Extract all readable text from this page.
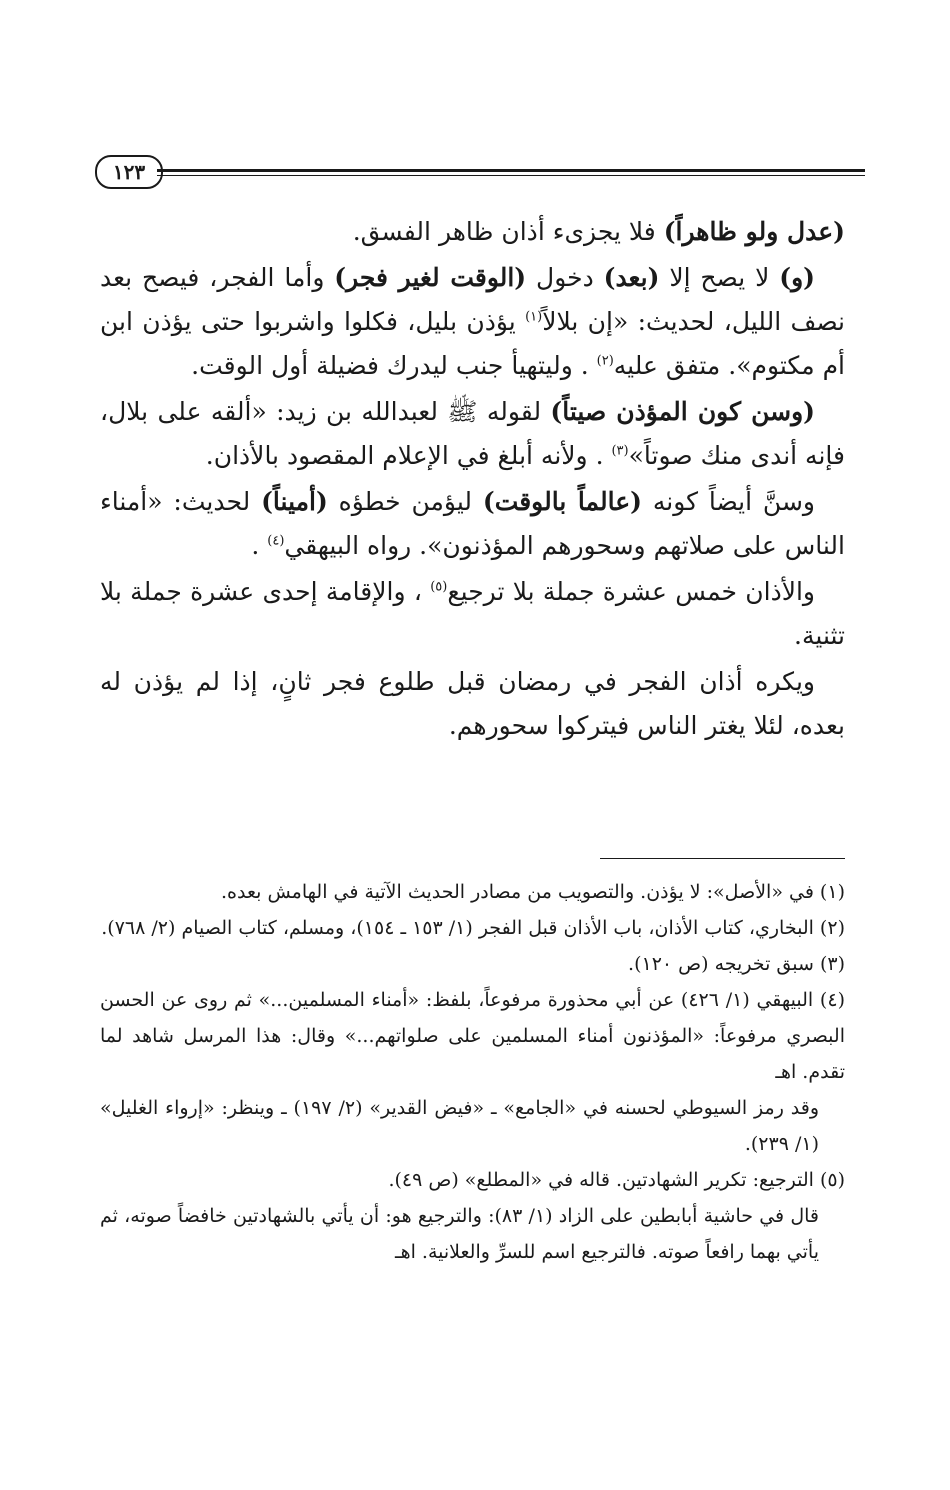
١٢٣

(عدل ولو ظاهراً) فلا يجزىء أذان ظاهر الفسق.

(و) لا يصح إلا (بعد) دخول (الوقت لغير فجر) وأما الفجر، فيصح بعد نصف الليل، لحديث: «إن بلالاً$^{(١)}$ يؤذن بليل، فكلوا واشربوا حتى يؤذن ابن أم مكتوم». متفق عليه$^{(٢)}$ . وليتهيأ جنب ليدرك فضيلة أول الوقت.

(وسن كون المؤذن صيتاً) لقوله ﷺ لعبدالله بن زيد: «ألقه على بلال، فإنه أندى منك صوتاً»$^{(٣)}$ . ولأنه أبلغ في الإعلام المقصود بالأذان.

وسنَّ أيضاً كونه (عالماً بالوقت) ليؤمن خطؤه (أميناً) لحديث: «أمناء الناس على صلاتهم وسحورهم المؤذنون». رواه البيهقي$^{(٤)}$ .

والأذان خمس عشرة جملة بلا ترجيع$^{(٥)}$ ، والإقامة إحدى عشرة جملة بلا تثنية.

ويكره أذان الفجر في رمضان قبل طلوع فجر ثانٍ، إذا لم يؤذن له بعده، لئلا يغتر الناس فيتركوا سحورهم.

(١) في «الأصل»: لا يؤذن. والتصويب من مصادر الحديث الآتية في الهامش بعده.

(٢) البخاري، كتاب الأذان، باب الأذان قبل الفجر (١/ ١٥٣ ـ ١٥٤)، ومسلم، كتاب الصيام (٢/ ٧٦٨).

(٣) سبق تخريجه (ص ١٢٠).

(٤) البيهقي (١/ ٤٢٦) عن أبي محذورة مرفوعاً، بلفظ: «أمناء المسلمين...» ثم روى عن الحسن البصري مرفوعاً: «المؤذنون أمناء المسلمين على صلواتهم...» وقال: هذا المرسل شاهد لما تقدم. اهـ

وقد رمز السيوطي لحسنه في «الجامع» ـ «فيض القدير» (٢/ ١٩٧) ـ وينظر: «إرواء الغليل» (١/ ٢٣٩).

(٥) الترجيع: تكرير الشهادتين. قاله في «المطلع» (ص ٤٩).

قال في حاشية أبابطين على الزاد (١/ ٨٣): والترجيع هو: أن يأتي بالشهادتين خافضاً صوته، ثم يأتي بهما رافعاً صوته. فالترجيع اسم للسرِّ والعلانية. اهـ
